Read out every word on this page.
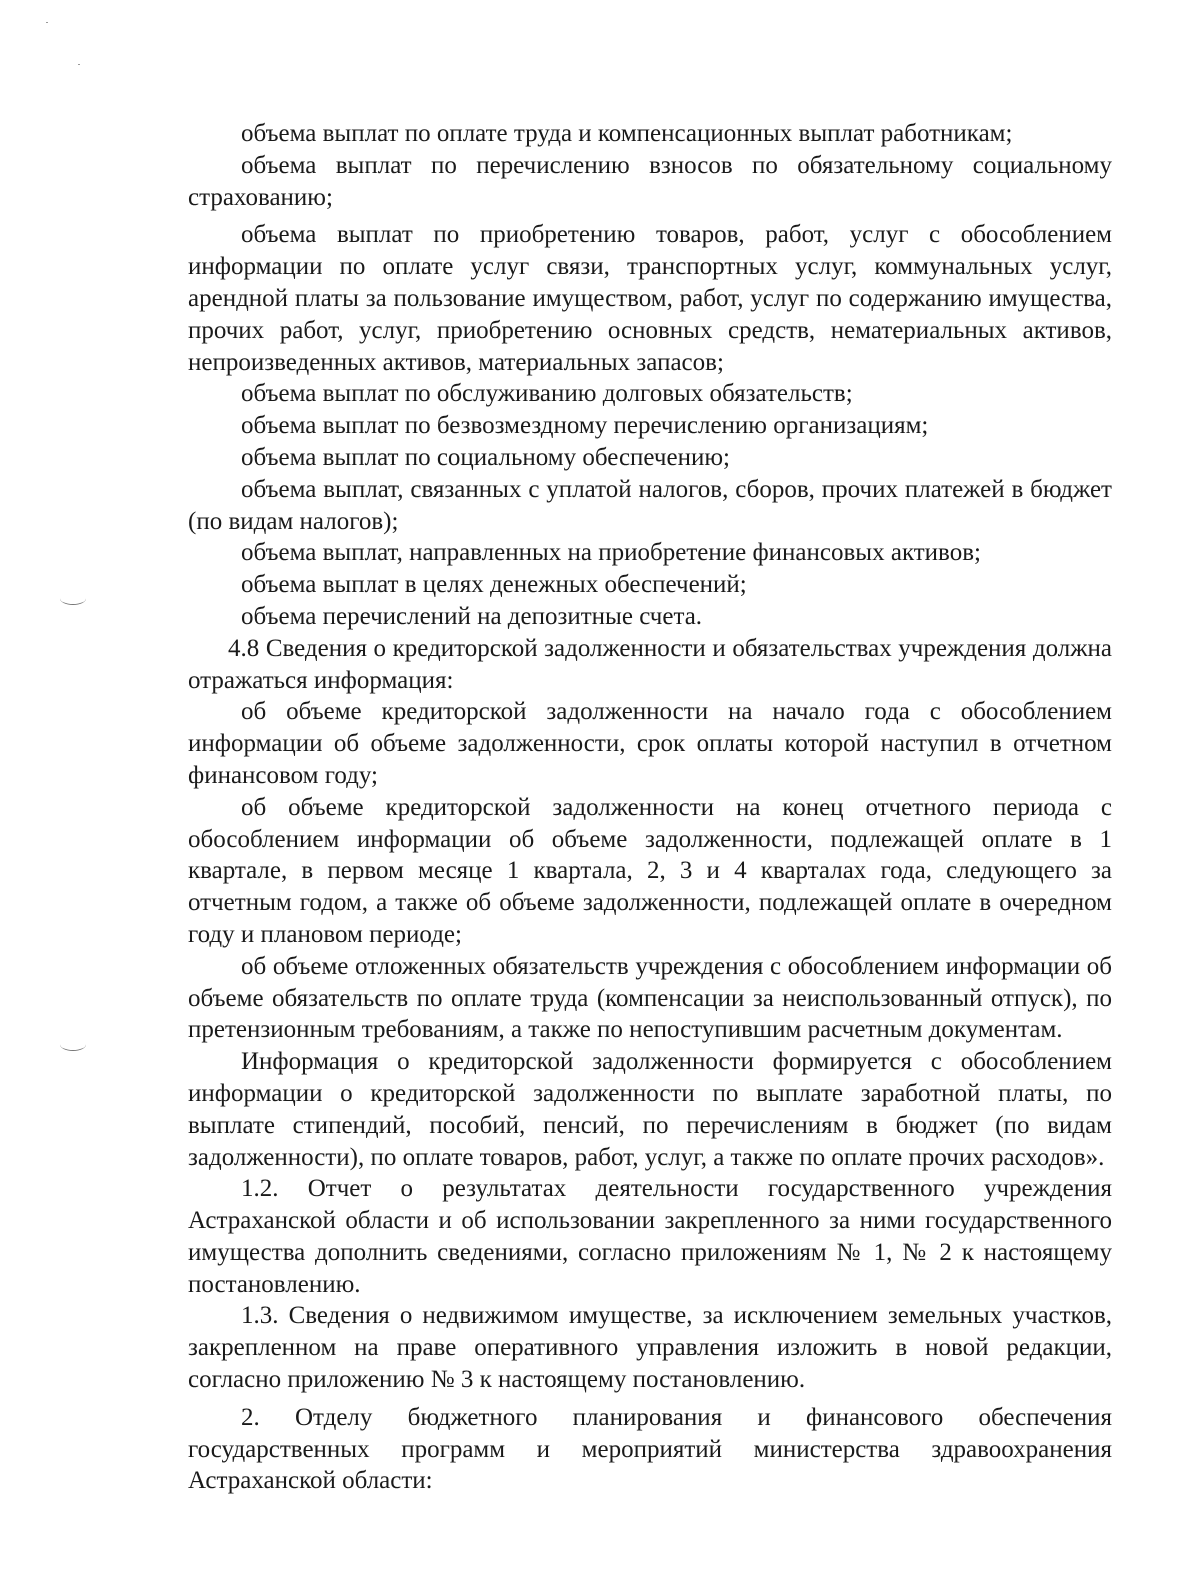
объема выплат по оплате труда и компенсационных выплат работникам;

объема выплат по перечислению взносов по обязательному социальному страхованию;

объема выплат по приобретению товаров, работ, услуг с обособлением информации по оплате услуг связи, транспортных услуг, коммунальных услуг, арендной платы за пользование имуществом, работ, услуг по содержанию имущества, прочих работ, услуг, приобретению основных средств, нематериальных активов, непроизведенных активов, материальных запасов;

объема выплат по обслуживанию долговых обязательств;

объема выплат по безвозмездному перечислению организациям;

объема выплат по социальному обеспечению;

объема выплат, связанных с уплатой налогов, сборов, прочих платежей в бюджет (по видам налогов);

объема выплат, направленных на приобретение финансовых активов;

объема выплат в целях денежных обеспечений;

объема перечислений на депозитные счета.

4.8 Сведения о кредиторской задолженности и обязательствах учреждения должна отражаться информация:

об объеме кредиторской задолженности на начало года с обособлением информации об объеме задолженности, срок оплаты которой наступил в отчетном финансовом году;

об объеме кредиторской задолженности на конец отчетного периода с обособлением информации об объеме задолженности, подлежащей оплате в 1 квартале, в первом месяце 1 квартала, 2, 3 и 4 кварталах года, следующего за отчетным годом, а также об объеме задолженности, подлежащей оплате в очередном году и плановом периоде;

об объеме отложенных обязательств учреждения с обособлением информации об объеме обязательств по оплате труда (компенсации за неиспользованный отпуск), по претензионным требованиям, а также по непоступившим расчетным документам.

Информация о кредиторской задолженности формируется с обособлением информации о кредиторской задолженности по выплате заработной платы, по выплате стипендий, пособий, пенсий, по перечислениям в бюджет (по видам задолженности), по оплате товаров, работ, услуг, а также по оплате прочих расходов».

1.2. Отчет о результатах деятельности государственного учреждения Астраханской области и об использовании закрепленного за ними государственного имущества дополнить сведениями, согласно приложениям № 1, № 2 к настоящему постановлению.

1.3. Сведения о недвижимом имуществе, за исключением земельных участков, закрепленном на праве оперативного управления изложить в новой редакции, согласно приложению № 3 к настоящему постановлению.

2. Отделу бюджетного планирования и финансового обеспечения государственных программ и мероприятий министерства здравоохранения Астраханской области:
